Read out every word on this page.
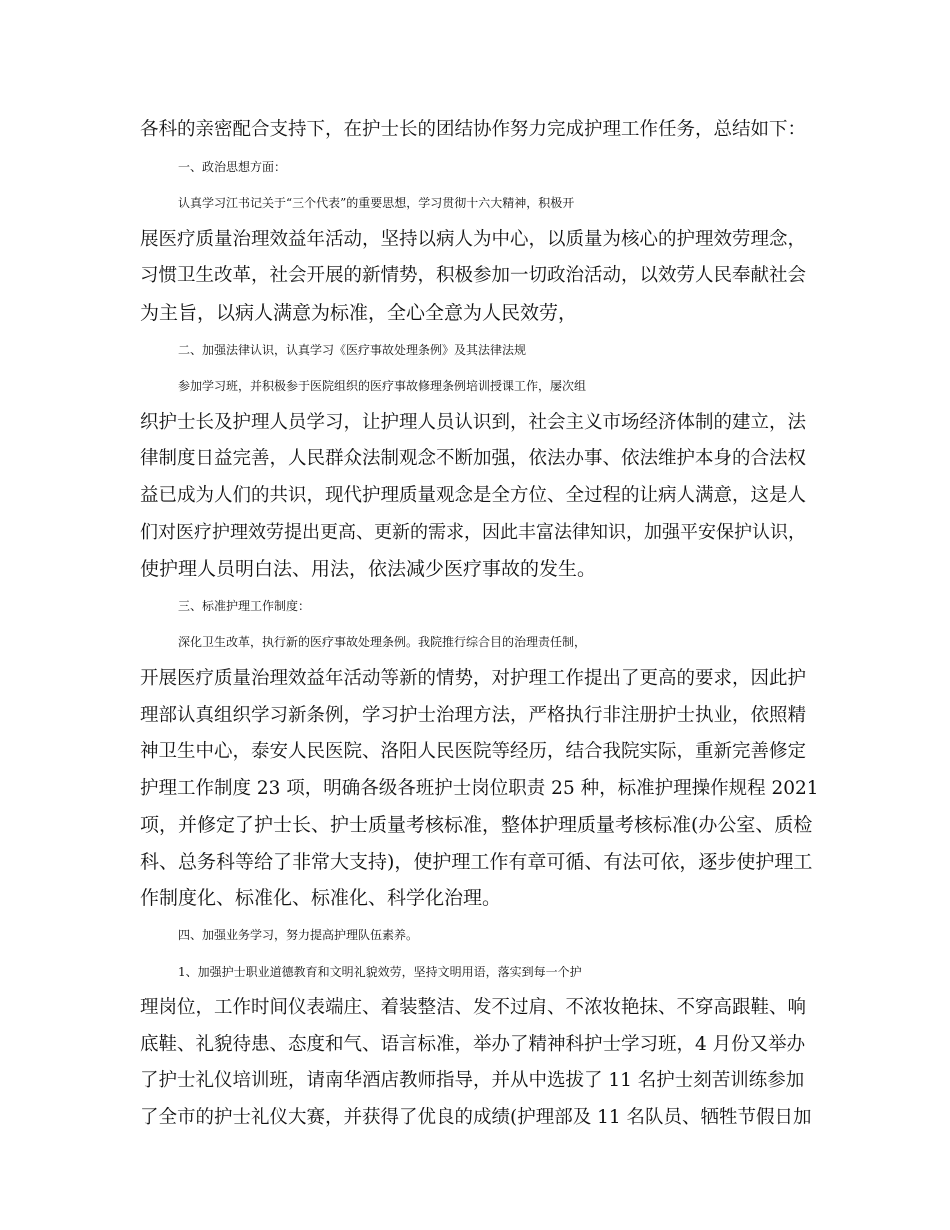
各科的亲密配合支持下，在护士长的团结协作努力完成护理工作任务，总结如下：
一、政治思想方面：
认真学习江书记关于“三个代表”的重要思想，学习贯彻十六大精神，积极开
展医疗质量治理效益年活动，坚持以病人为中心，以质量为核心的护理效劳理念，
习惯卫生改革，社会开展的新情势，积极参加一切政治活动，以效劳人民奉献社会
为主旨，以病人满意为标准，全心全意为人民效劳，
二、加强法律认识，认真学习《医疗事故处理条例》及其法律法规
参加学习班，并积极参于医院组织的医疗事故修理条例培训授课工作，屡次组
织护士长及护理人员学习，让护理人员认识到，社会主义市场经济体制的建立，法
律制度日益完善，人民群众法制观念不断加强，依法办事、依法维护本身的合法权
益已成为人们的共识，现代护理质量观念是全方位、全过程的让病人满意，这是人
们对医疗护理效劳提出更高、更新的需求，因此丰富法律知识，加强平安保护认识，
使护理人员明白法、用法，依法减少医疗事故的发生。
三、标准护理工作制度：
深化卫生改革，执行新的医疗事故处理条例。我院推行综合目的治理责任制，
开展医疗质量治理效益年活动等新的情势，对护理工作提出了更高的要求，因此护
理部认真组织学习新条例，学习护士治理方法，严格执行非注册护士执业，依照精
神卫生中心，泰安人民医院、洛阳人民医院等经历，结合我院实际，重新完善修定
护理工作制度 23 项，明确各级各班护士岗位职责 25 种，标准护理操作规程 2021
项，并修定了护士长、护士质量考核标准，整体护理质量考核标准(办公室、质检
科、总务科等给了非常大支持)，使护理工作有章可循、有法可依，逐步使护理工
作制度化、标准化、标准化、科学化治理。
四、加强业务学习，努力提高护理队伍素养。
1、加强护士职业道德教育和文明礼貌效劳，坚持文明用语，落实到每一个护
理岗位，工作时间仪表端庄、着装整洁、发不过肩、不浓妆艳抹、不穿高跟鞋、响
底鞋、礼貌待患、态度和气、语言标准，举办了精神科护士学习班，4 月份又举办
了护士礼仪培训班，请南华酒店教师指导，并从中选拔了 11 名护士刻苦训练参加
了全市的护士礼仪大赛，并获得了优良的成绩(护理部及 11 名队员、牺牲节假日加
